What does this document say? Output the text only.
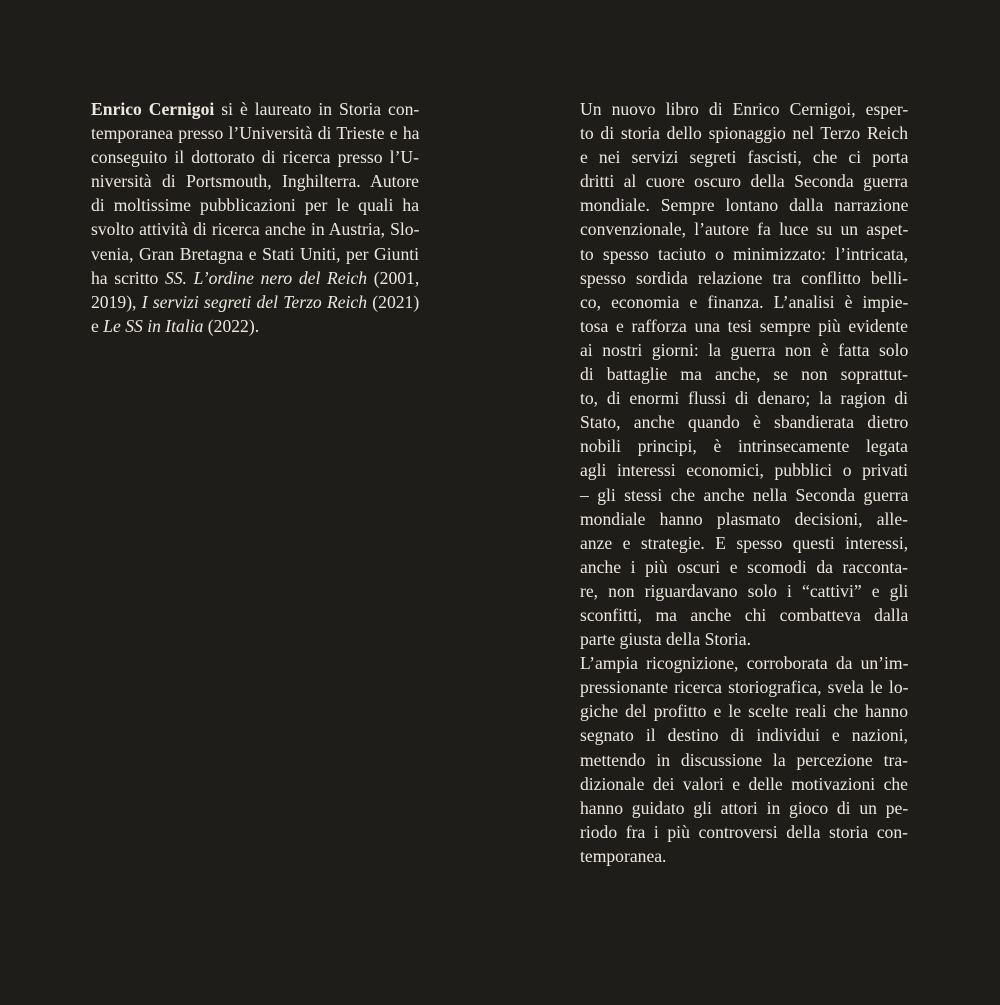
Enrico Cernigoi si è laureato in Storia con-
temporanea presso l’Università di Trieste e ha
conseguito il dottorato di ricerca presso l’U-
niversità di Portsmouth, Inghilterra. Autore
di moltissime pubblicazioni per le quali ha
svolto attività di ricerca anche in Austria, Slo-
venia, Gran Bretagna e Stati Uniti, per Giunti
ha scritto SS. L’ordine nero del Reich (2001,
2019), I servizi segreti del Terzo Reich (2021)
e Le SS in Italia (2022).
Un nuovo libro di Enrico Cernigoi, esper-
to di storia dello spionaggio nel Terzo Reich
e nei servizi segreti fascisti, che ci porta
dritti al cuore oscuro della Seconda guerra
mondiale. Sempre lontano dalla narrazione
convenzionale, l’autore fa luce su un aspet-
to spesso taciuto o minimizzato: l’intricata,
spesso sordida relazione tra conflitto belli-
co, economia e finanza. L’analisi è impie-
tosa e rafforza una tesi sempre più evidente
ai nostri giorni: la guerra non è fatta solo
di battaglie ma anche, se non soprattut-
to, di enormi flussi di denaro; la ragion di
Stato, anche quando è sbandierata dietro
nobili principi, è intrinsecamente legata
agli interessi economici, pubblici o privati
– gli stessi che anche nella Seconda guerra
mondiale hanno plasmato decisioni, alle-
anze e strategie. E spesso questi interessi,
anche i più oscuri e scomodi da racconta-
re, non riguardavano solo i “cattivi” e gli
sconfitti, ma anche chi combatteva dalla
parte giusta della Storia.
L’ampia ricognizione, corroborata da un’im-
pressionante ricerca storiografica, svela le lo-
giche del profitto e le scelte reali che hanno
segnato il destino di individui e nazioni,
mettendo in discussione la percezione tra-
dizionale dei valori e delle motivazioni che
hanno guidato gli attori in gioco di un pe-
riodo fra i più controversi della storia con-
temporanea.
